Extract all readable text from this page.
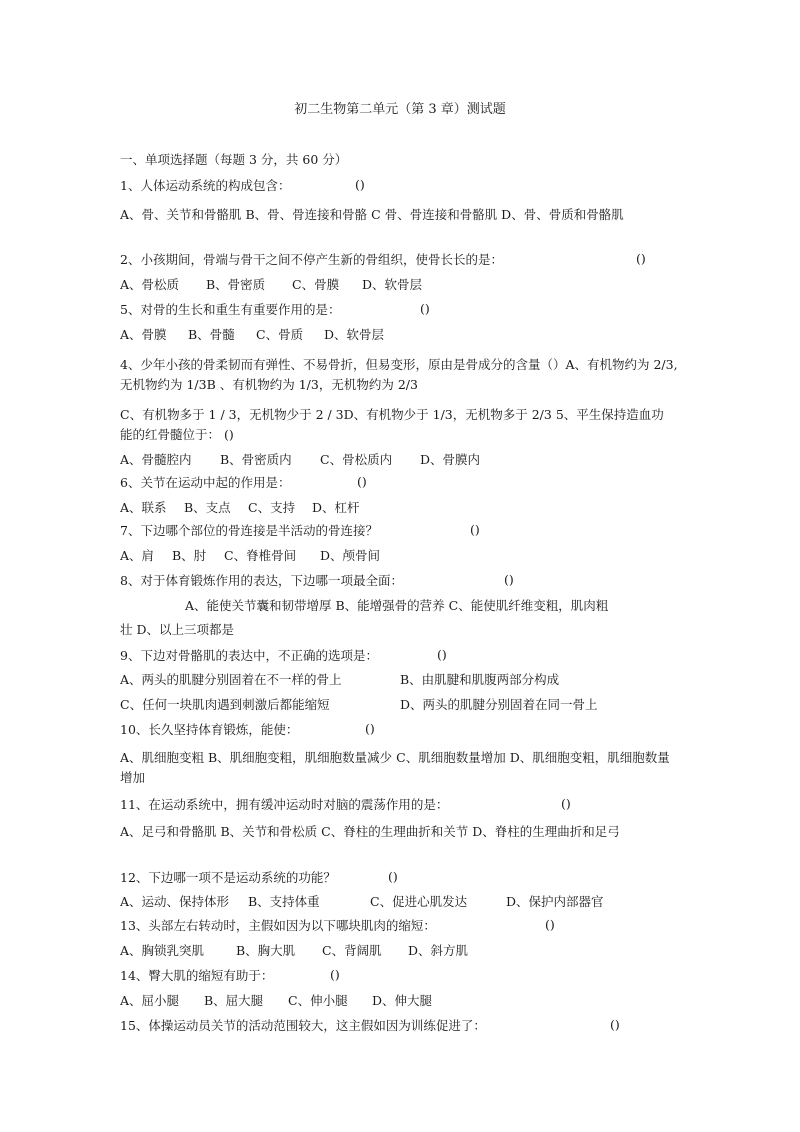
初二生物第二单元（第 3 章）测试题
一、单项选择题（每题 3 分，共 60 分）
1、人体运动系统的构成包含：	()
A、骨、关节和骨骼肌 B、骨、骨连接和骨骼 C 骨、骨连接和骨骼肌 D、骨、骨质和骨骼肌
2、小孩期间，骨端与骨干之间不停产生新的骨组织，使骨长长的是：	()
A、骨松质 B、骨密质 C、骨膜 D、软骨层
5、对骨的生长和重生有重要作用的是：	()
A、骨膜 B、骨髓 C、骨质 D、软骨层
4、少年小孩的骨柔韧而有弹性、不易骨折，但易变形，原由是骨成分的含量（）A、有机物约为 2/3,
无机物约为 1/3B 、有机物约为 1/3，无机物约为 2/3
C、有机物多于 1 / 3，无机物少于 2 / 3D、有机物少于 1/3，无机物多于 2/3 5、平生保持造血功
能的红骨髓位于： ()
A、骨髓腔内 B、骨密质内 C、骨松质内 D、骨膜内
6、关节在运动中起的作用是：	()
A、联系 B、支点 C、支持 D、杠杆
7、下边哪个部位的骨连接是半活动的骨连接？	()
A、肩 B、肘 C、脊椎骨间 D、颅骨间
8、对于体育锻炼作用的表达，下边哪一项最全面：	()
A、能使关节囊和韧带增厚 B、能增强骨的营养 C、能使肌纤维变粗，肌肉粗
壮 D、以上三项都是
9、下边对骨骼肌的表达中，不正确的选项是：	()
A、两头的肌腱分别固着在不一样的骨上	B、由肌腱和肌腹两部分构成
C、任何一块肌肉遇到刺激后都能缩短	D、两头的肌腱分别固着在同一骨上
10、长久坚持体育锻炼，能使：	()
A、肌细胞变粗 B、肌细胞变粗，肌细胞数量减少 C、肌细胞数量增加 D、肌细胞变粗，肌细胞数量
增加
11、在运动系统中，拥有缓冲运动时对脑的震荡作用的是：	()
A、足弓和骨骼肌 B、关节和骨松质 C、脊柱的生理曲折和关节 D、脊柱的生理曲折和足弓
12、下边哪一项不是运动系统的功能？	()
A、运动、保持体形 B、支持体重	C、促进心肌发达	D、保护内部器官
13、头部左右转动时，主假如因为以下哪块肌肉的缩短：	()
A、胸锁乳突肌	B、胸大肌 C、背阔肌 D、斜方肌
14、臀大肌的缩短有助于：	()
A、屈小腿 B、屈大腿 C、伸小腿 D、伸大腿
15、体操运动员关节的活动范围较大，这主假如因为训练促进了：	()
